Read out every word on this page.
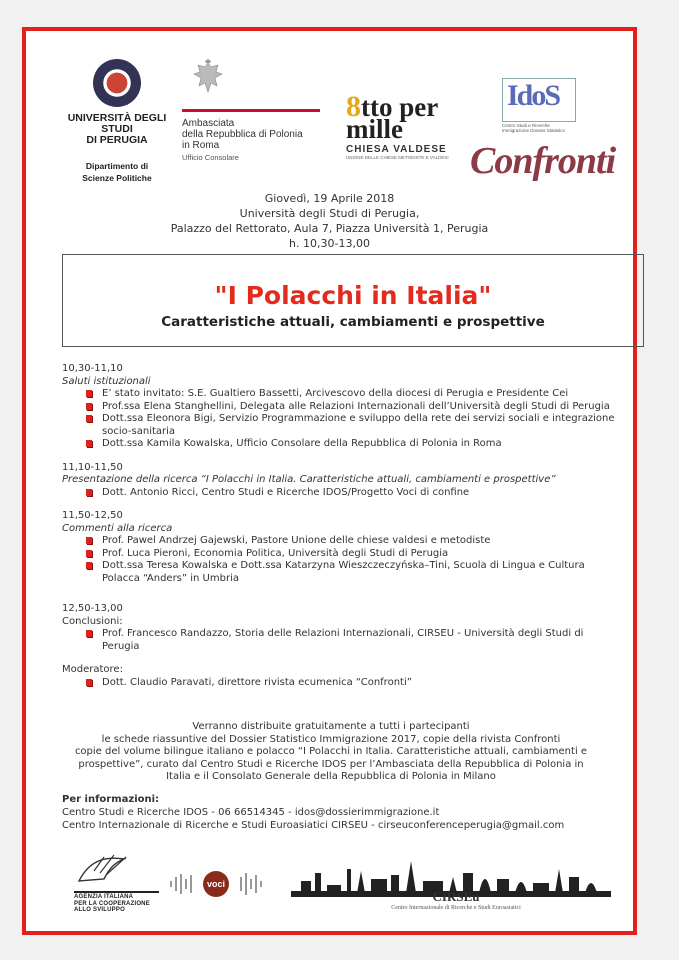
UNIVERSITÀ DEGLI STUDI
DI PERUGIA
Dipartimento di
Scienze Politiche
Ambasciata
della Repubblica di Polonia
in Roma
Ufficio Consolare
8tto per mille
CHIESA VALDESE
UNIONE DELLE CHIESE METODISTE E VALDESI
IdoS
Centro Studi e Ricerche
Immigrazione Dossier Statistico
Confronti
Giovedì, 19 Aprile 2018
Università degli Studi di Perugia,
Palazzo del Rettorato, Aula 7, Piazza Università 1, Perugia
h. 10,30-13,00
"I Polacchi in Italia"
Caratteristiche attuali, cambiamenti e prospettive
10,30-11,10
Saluti istituzionali
E’ stato invitato: S.E. Gualtiero Bassetti, Arcivescovo della diocesi di Perugia e Presidente Cei
Prof.ssa Elena Stanghellini, Delegata alle Relazioni Internazionali dell’Università degli Studi di Perugia
Dott.ssa Eleonora Bigi, Servizio Programmazione e sviluppo della rete dei servizi sociali e integrazione socio-sanitaria
Dott.ssa Kamila Kowalska, Ufficio Consolare della Repubblica di Polonia in Roma
11,10-11,50
Presentazione della ricerca “I Polacchi in Italia. Caratteristiche attuali, cambiamenti e prospettive”
Dott. Antonio Ricci, Centro Studi e Ricerche IDOS/Progetto Voci di confine
11,50-12,50
Commenti alla ricerca
Prof. Pawel Andrzej Gajewski, Pastore Unione delle chiese valdesi e metodiste
Prof. Luca Pieroni, Economia Politica, Università degli Studi di Perugia
Dott.ssa Teresa Kowalska e Dott.ssa Katarzyna Wieszczeczyńska–Tini, Scuola di Lingua e Cultura Polacca “Anders” in Umbria
12,50-13,00
Conclusioni:
Prof. Francesco Randazzo, Storia delle Relazioni Internazionali, CIRSEU - Università degli Studi di Perugia
Moderatore:
Dott. Claudio Paravati, direttore rivista ecumenica “Confronti”
Verranno distribuite gratuitamente a tutti i partecipanti
le schede riassuntive del Dossier Statistico Immigrazione 2017, copie della rivista Confronti
copie del volume bilingue italiano e polacco “I Polacchi in Italia. Caratteristiche attuali, cambiamenti e
prospettive”, curato dal Centro Studi e Ricerche IDOS per l’Ambasciata della Repubblica di Polonia in
Italia e il Consolato Generale della Repubblica di Polonia in Milano
Per informazioni:
Centro Studi e Ricerche IDOS - 06 66514345 - idos@dossierimmigrazione.it
Centro Internazionale di Ricerche e Studi Euroasiatici CIRSEU - cirseuconferenceperugia@gmail.com
AGENZIA ITALIANA
PER LA COOPERAZIONE
ALLO SVILUPPO
voci
CIRSEu
Centro Internazionale di Ricerche e Studi Euroasiatici
